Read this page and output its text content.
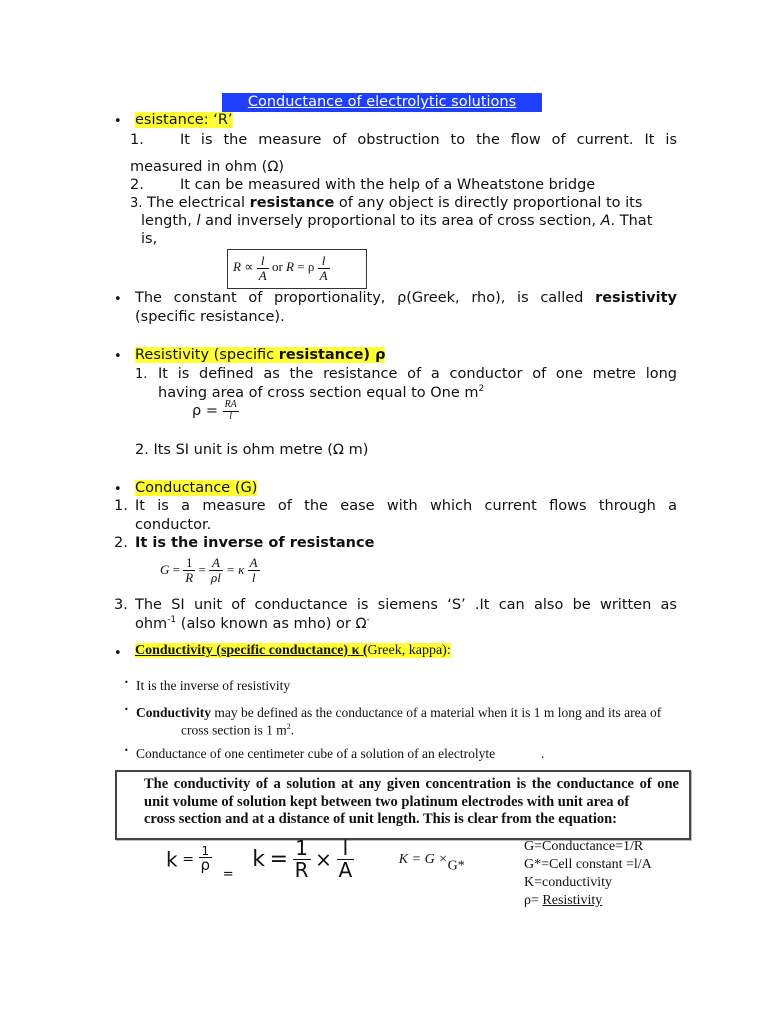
Conductance of electrolytic solutions
• esistance: ‘R’
1. It is the measure of obstruction to the flow of current. It is
measured in ohm (Ω)
2. It can be measured with the help of a Wheatstone bridge
3. The electrical resistance of any object is directly proportional to its
length, l and inversely proportional to its area of cross section, A. That
is,
$R \propto \frac{l}{A}$ or R = ρ $\frac{l}{A}$
• The constant of proportionality, ρ(Greek, rho), is called resistivity
(specific resistance).
• Resistivity (specific resistance) ρ
1. It is defined as the resistance of a conductor of one metre long
having area of cross section equal to One $m^2$
$\rho = \frac{RA}{l}$
2. Its SI unit is ohm metre (Ω m)
• Conductance (G)
1. It is a measure of the ease with which current flows through a
conductor.
2. It is the inverse of resistance
$G = \frac{1}{R} = \frac{A}{\rho l} = \kappa \frac{A}{l}$
3. The SI unit of conductance is siemens ‘S’ .It can also be written as
ohm$^{-1}$ (also known as mho) or Ω-
• Conductivity (specific conductance) κ (Greek, kappa):
• It is the inverse of resistivity
• Conductivity may be defined as the conductance of a material when it is 1 m long and its area of
cross section is 1 $m^2$.
• Conductance of one centimeter cube of a solution of an electrolyte	.

The conductivity of a solution at any given concentration is the conductance of one

unit volume of solution kept between two platinum electrodes with unit area of

cross section and at a distance of unit length. This is clear from the equation:

$k = \frac{1}{\rho} = k = \frac{1}{R} \times \frac{l}{A}$	K = G ×G*
G=Conductance=1/R
G*=Cell constant =l/A
K=conductivity
ρ= Resistivity
